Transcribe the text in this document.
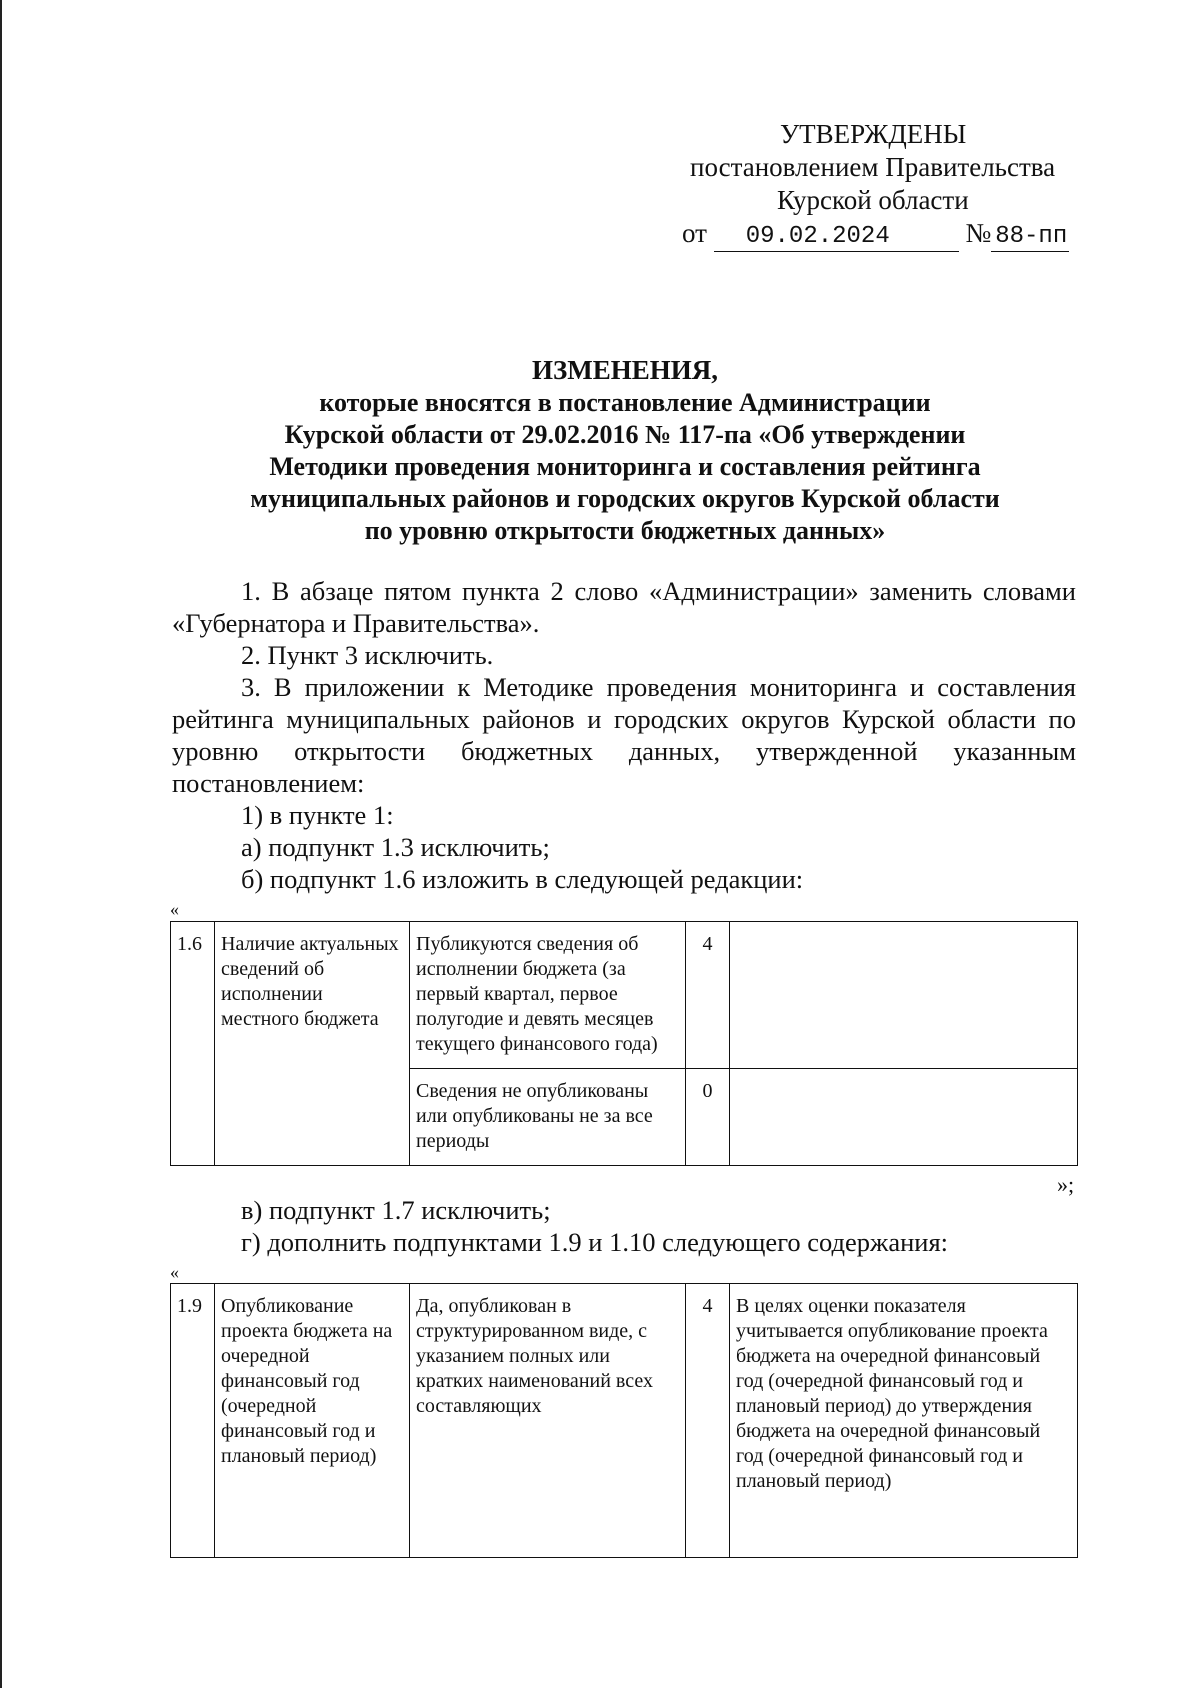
УТВЕРЖДЕНЫ
постановлением Правительства
Курской области
от 09.02.2024	№ 88-пп
ИЗМЕНЕНИЯ,
которые вносятся в постановление Администрации
Курской области от 29.02.2016 № 117-па «Об утверждении
Методики проведения мониторинга и составления рейтинга
муниципальных районов и городских округов Курской области
по уровню открытости бюджетных данных»
1. В абзаце пятом пункта 2 слово «Администрации» заменить словами «Губернатора и Правительства».
2. Пункт 3 исключить.
3. В приложении к Методике проведения мониторинга и составления рейтинга муниципальных районов и городских округов Курской области по уровню открытости бюджетных данных, утвержденной указанным постановлением:
1) в пункте 1:
а) подпункт 1.3 исключить;
б) подпункт 1.6 изложить в следующей редакции:
«
1.6	Наличие актуальных сведений об исполнении местного бюджета	Публикуются сведения об исполнении бюджета (за первый квартал, первое полугодие и девять месяцев текущего финансового года)	4	
		Сведения не опубликованы или опубликованы не за все периоды	0	
»;
в) подпункт 1.7 исключить;
г) дополнить подпунктами 1.9 и 1.10 следующего содержания:
«
1.9	Опубликование проекта бюджета на очередной финансовый год (очередной финансовый год и плановый период)	Да, опубликован в структурированном виде, с указанием полных или кратких наименований всех составляющих	4	В целях оценки показателя учитывается опубликование проекта бюджета на очередной финансовый год (очередной финансовый год и плановый период) до утверждения бюджета на очередной финансовый год (очередной финансовый год и плановый период)
